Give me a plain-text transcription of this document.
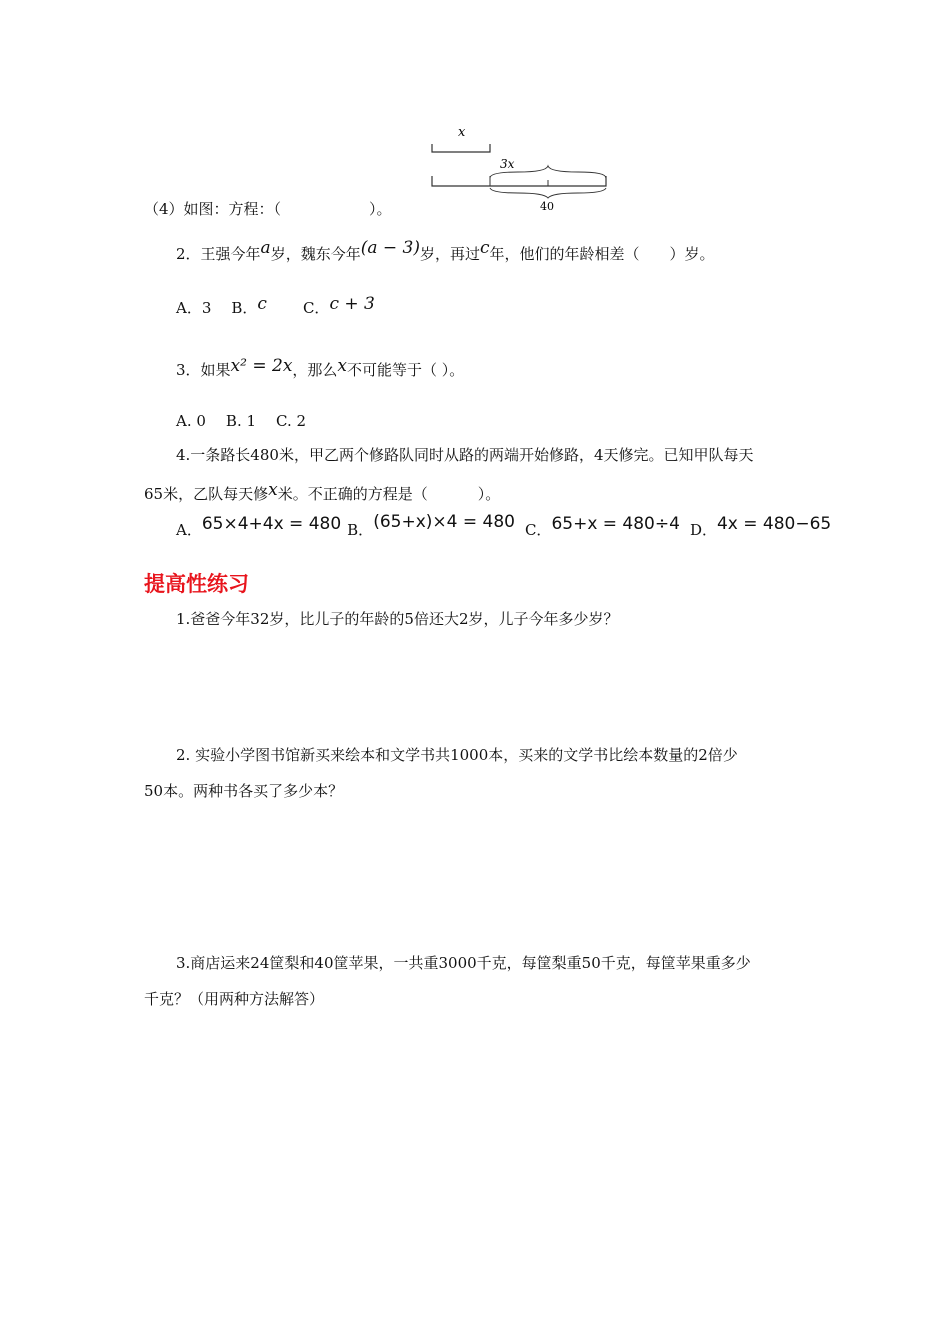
x
3x
40
（4）如图：方程：（	）。
2．王强今年a岁，魏东今年(a − 3)岁，再过c年，他们的年龄相差（ ）岁。
A．3 B．c C．c + 3
3．如果x² = 2x，那么x不可能等于（ ）。
A. 0 B. 1 C. 2
4.一条路长480米，甲乙两个修路队同时从路的两端开始修路，4天修完。已知甲队每天
65米，乙队每天修x米。不正确的方程是（	）。
A．65×4+4x = 480 B．(65+x)×4 = 480 C．65+x = 480÷4 D．4x = 480−65
提高性练习
1.爸爸今年32岁，比儿子的年龄的5倍还大2岁，儿子今年多少岁？
2. 实验小学图书馆新买来绘本和文学书共1000本，买来的文学书比绘本数量的2倍少
50本。两种书各买了多少本？
3.商店运来24筐梨和40筐苹果，一共重3000千克，每筐梨重50千克，每筐苹果重多少
千克？（用两种方法解答）
